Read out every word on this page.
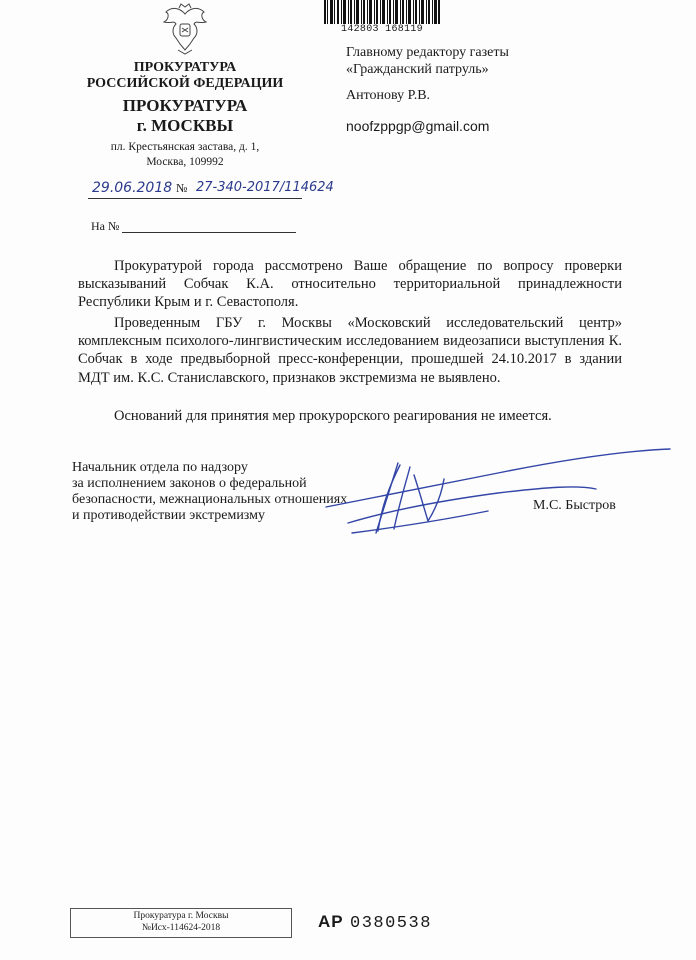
ПРОКУРАТУРА
РОССИЙСКОЙ ФЕДЕРАЦИИ
ПРОКУРАТУРА
г. МОСКВЫ
пл. Крестьянская застава, д. 1,
Москва, 109992
142803 168119
Главному редактору газеты
«Гражданский патруль»
Антонову Р.В.
noofzppgp@gmail.com
29.06.2018 № 27-340-2017/114624
На №
Прокуратурой города рассмотрено Ваше обращение по вопросу проверки высказываний Собчак К.А. относительно территориальной принадлежности Республики Крым и г. Севастополя.
Проведенным ГБУ г. Москвы «Московский исследовательский центр» комплексным психолого-лингвистическим исследованием видеозаписи выступления К. Собчак в ходе предвыборной пресс-конференции, прошедшей 24.10.2017 в здании МДТ им. К.С. Станиславского, признаков экстремизма не выявлено.
Оснований для принятия мер прокурорского реагирования не имеется.
Начальник отдела по надзору
за исполнением законов о федеральной
безопасности, межнациональных отношениях
и противодействии экстремизму
М.С. Быстров
Прокуратура г. Москвы
№Исх-114624-2018	АР 0380538
